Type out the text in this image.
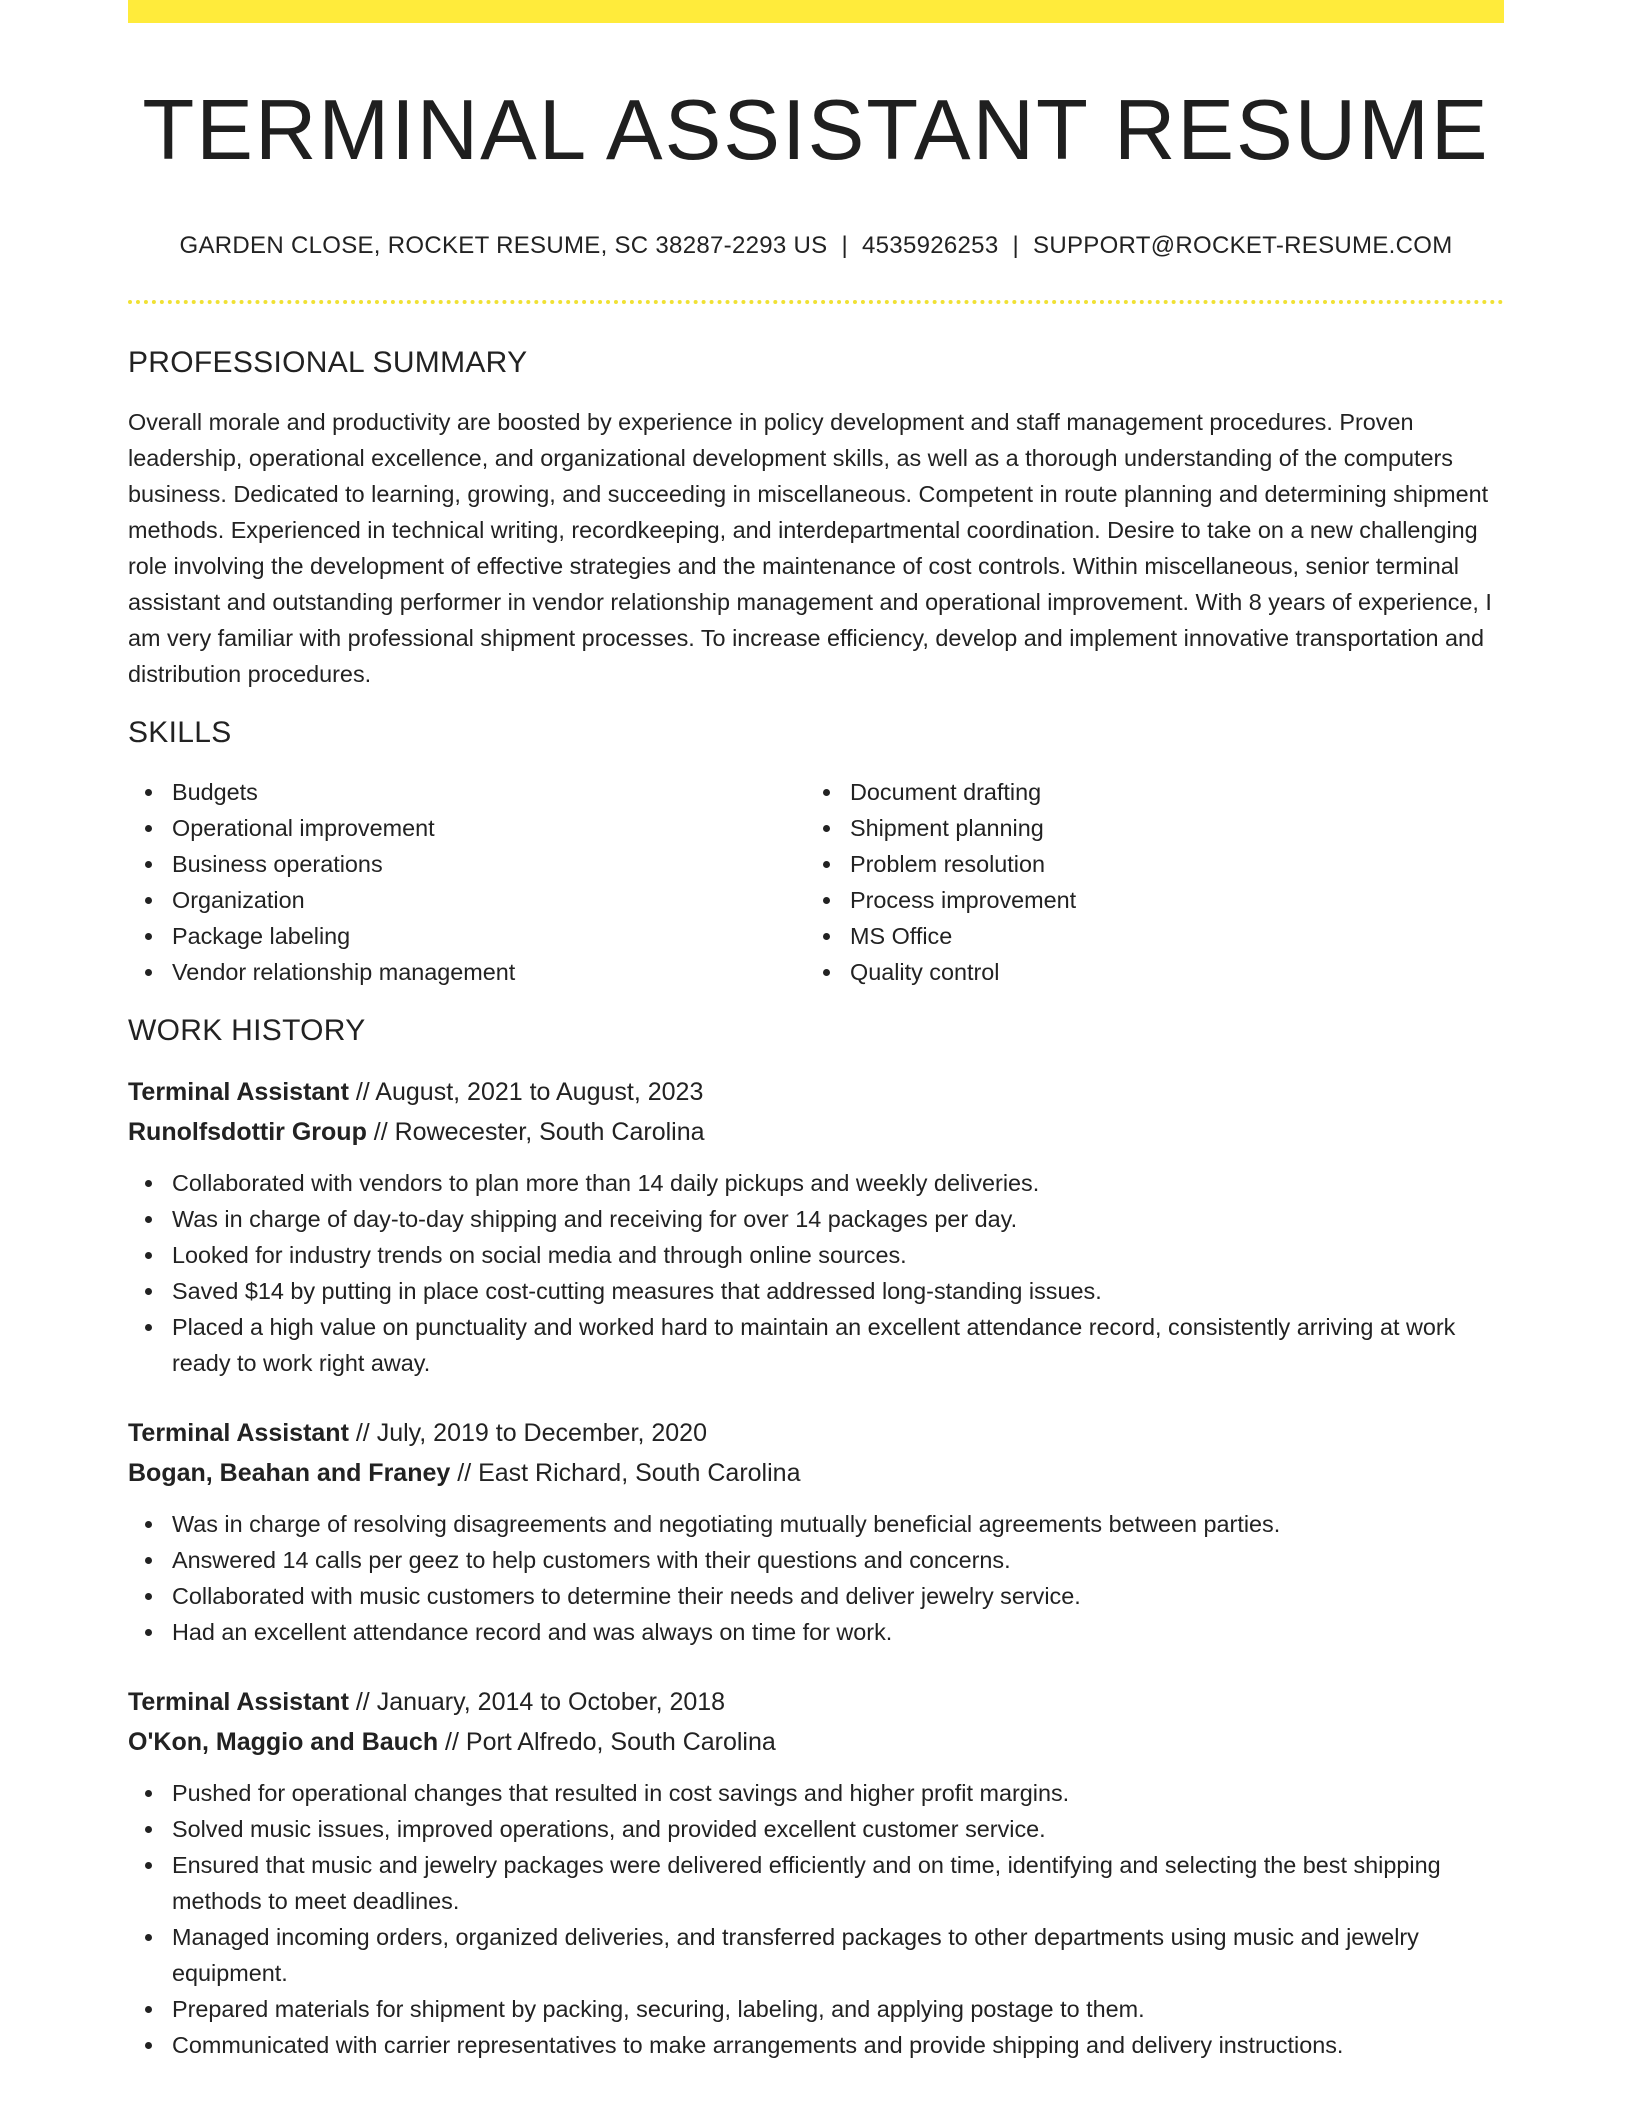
TERMINAL ASSISTANT RESUME
GARDEN CLOSE, ROCKET RESUME, SC 38287-2293 US | 4535926253 | SUPPORT@ROCKET-RESUME.COM
PROFESSIONAL SUMMARY

Overall morale and productivity are boosted by experience in policy development and staff management procedures. Proven leadership, operational excellence, and organizational development skills, as well as a thorough understanding of the computers business. Dedicated to learning, growing, and succeeding in miscellaneous. Competent in route planning and determining shipment methods. Experienced in technical writing, recordkeeping, and interdepartmental coordination. Desire to take on a new challenging role involving the development of effective strategies and the maintenance of cost controls. Within miscellaneous, senior terminal assistant and outstanding performer in vendor relationship management and operational improvement. With 8 years of experience, I am very familiar with professional shipment processes. To increase efficiency, develop and implement innovative transportation and distribution procedures.

SKILLS
Budgets
Operational improvement
Business operations
Organization
Package labeling
Vendor relationship management
Document drafting
Shipment planning
Problem resolution
Process improvement
MS Office
Quality control
WORK HISTORY
Terminal Assistant // August, 2021 to August, 2023
Runolfsdottir Group // Rowecester, South Carolina
Collaborated with vendors to plan more than 14 daily pickups and weekly deliveries.
Was in charge of day-to-day shipping and receiving for over 14 packages per day.
Looked for industry trends on social media and through online sources.
Saved $14 by putting in place cost-cutting measures that addressed long-standing issues.
Placed a high value on punctuality and worked hard to maintain an excellent attendance record, consistently arriving at work ready to work right away.
Terminal Assistant // July, 2019 to December, 2020
Bogan, Beahan and Franey // East Richard, South Carolina
Was in charge of resolving disagreements and negotiating mutually beneficial agreements between parties.
Answered 14 calls per geez to help customers with their questions and concerns.
Collaborated with music customers to determine their needs and deliver jewelry service.
Had an excellent attendance record and was always on time for work.
Terminal Assistant // January, 2014 to October, 2018
O'Kon, Maggio and Bauch // Port Alfredo, South Carolina
Pushed for operational changes that resulted in cost savings and higher profit margins.
Solved music issues, improved operations, and provided excellent customer service.
Ensured that music and jewelry packages were delivered efficiently and on time, identifying and selecting the best shipping methods to meet deadlines.
Managed incoming orders, organized deliveries, and transferred packages to other departments using music and jewelry equipment.
Prepared materials for shipment by packing, securing, labeling, and applying postage to them.
Communicated with carrier representatives to make arrangements and provide shipping and delivery instructions.
